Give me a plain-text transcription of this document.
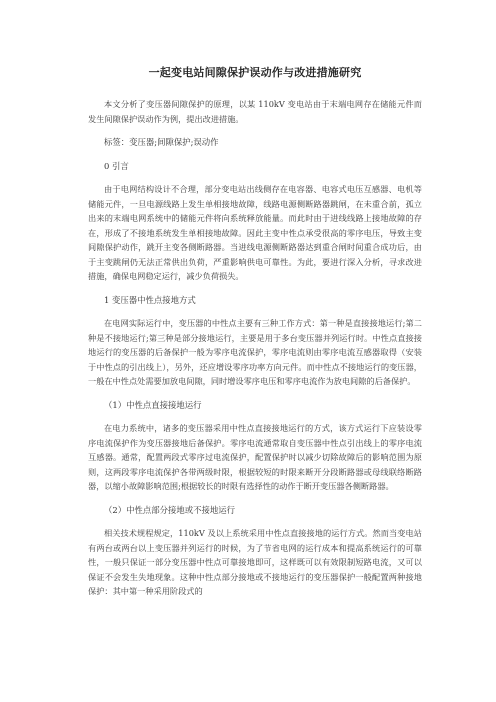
一起变电站间隙保护误动作与改进措施研究
本文分析了变压器间隙保护的原理，以某 110kV 变电站由于末端电网存在储能元件而发生间隙保护误动作为例，提出改进措施。
标签：变压器;间隙保护;误动作
0 引言
由于电网结构设计不合理，部分变电站出线侧存在电容器、电容式电压互感器、电机等储能元件，一旦电源线路上发生单相接地故障，线路电源侧断路器跳闸，在未重合前，孤立出来的末端电网系统中的储能元件将向系统释放能量。而此时由于进线线路上接地故障的存在，形成了不接地系统发生单相接地故障。因此主变中性点承受很高的零序电压，导致主变间隙保护动作，跳开主变各侧断路器。当进线电源侧断路器达到重合闸时间重合成功后，由于主变跳闸仍无法正常供出负荷，严重影响供电可靠性。为此，要进行深入分析，寻求改进措施，确保电网稳定运行，减少负荷损失。
1 变压器中性点接地方式
在电网实际运行中，变压器的中性点主要有三种工作方式：第一种是直接接地运行;第二种是不接地运行;第三种是部分接地运行，主要是用于多台变压器并列运行时。中性点直接接地运行的变压器的后备保护一般为零序电流保护，零序电流则由零序电流互感器取得（安装于中性点的引出线上），另外，还应增设零序功率方向元件。而中性点不接地运行的变压器，一般在中性点处需要加放电间隙，同时增设零序电压和零序电流作为放电间隙的后备保护。
（1）中性点直接接地运行
在电力系统中，诸多的变压器采用中性点直接接地运行的方式，该方式运行下应装设零序电流保护作为变压器接地后备保护。零序电流通常取自变压器中性点引出线上的零序电流互感器。通常，配置两段式零序过电流保护，配置保护时以减少切除故障后的影响范围为原则，这两段零序电流保护各带两级时限，根据较短的时限来断开分段断路器或母线联络断路器，以缩小故障影响范围;根据较长的时限有选择性的动作于断开变压器各侧断路器。
（2）中性点部分接地或不接地运行
相关技术规程规定，110kV 及以上系统采用中性点直接接地的运行方式。然而当变电站有两台或两台以上变压器并列运行的时候，为了节省电网的运行成本和提高系统运行的可靠性，一般只保证一部分变压器中性点可靠接地即可，这样既可以有效限制短路电流，又可以保证不会发生失地现象。这种中性点部分接地或不接地运行的变压器保护一般配置两种接地保护：其中第一种采用阶段式的
